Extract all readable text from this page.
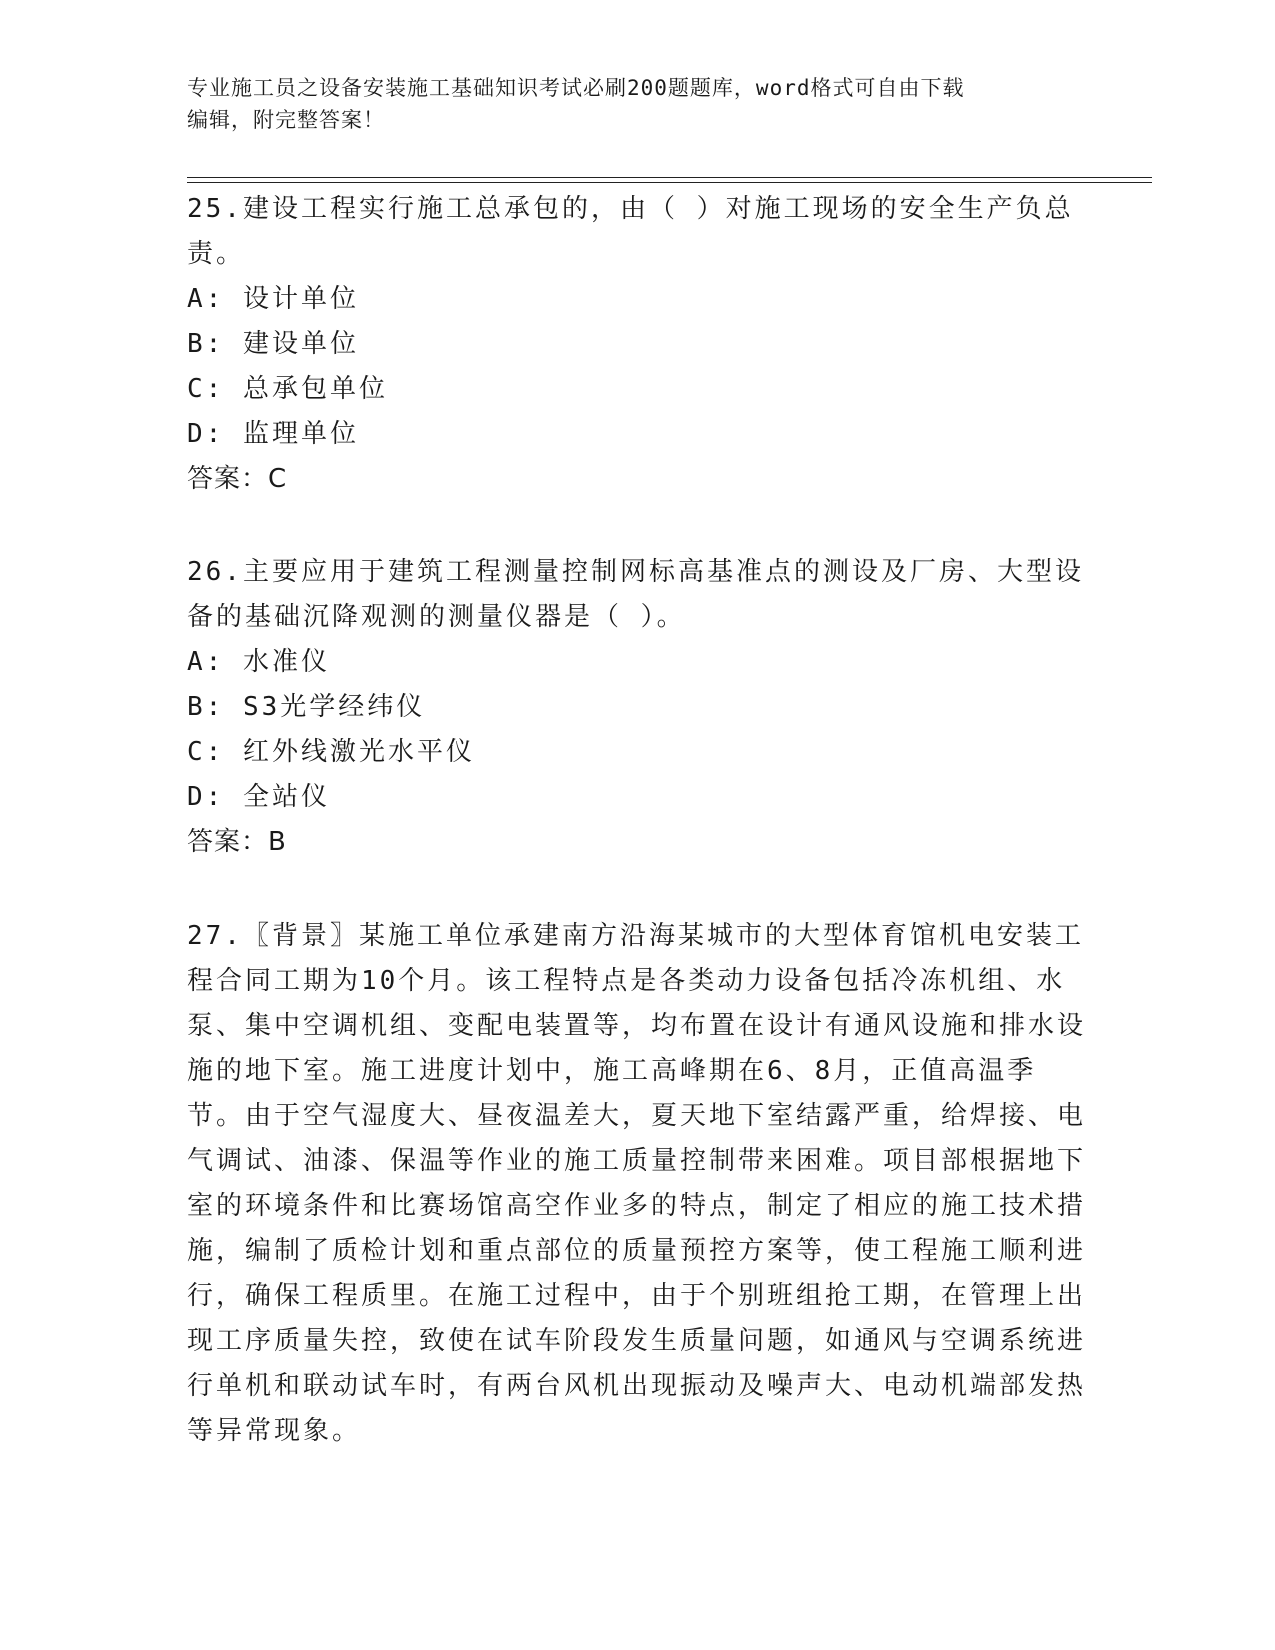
专业施工员之设备安装施工基础知识考试必刷200题题库，word格式可自由下载
编辑，附完整答案！
25.建设工程实行施工总承包的，由（ ）对施工现场的安全生产负总责。
A: 设计单位
B: 建设单位
C: 总承包单位
D: 监理单位
答案：C
26.主要应用于建筑工程测量控制网标高基准点的测设及厂房、大型设备的基础沉降观测的测量仪器是（ ）。
A: 水准仪
B: S3光学经纬仪
C: 红外线激光水平仪
D: 全站仪
答案：B
27.〖背景〗某施工单位承建南方沿海某城市的大型体育馆机电安装工程合同工期为10个月。该工程特点是各类动力设备包括冷冻机组、水泵、集中空调机组、变配电装置等，均布置在设计有通风设施和排水设施的地下室。施工进度计划中，施工高峰期在6、8月，正值高温季节。由于空气湿度大、昼夜温差大，夏天地下室结露严重，给焊接、电气调试、油漆、保温等作业的施工质量控制带来困难。项目部根据地下室的环境条件和比赛场馆高空作业多的特点，制定了相应的施工技术措施，编制了质检计划和重点部位的质量预控方案等，使工程施工顺利进行，确保工程质里。在施工过程中，由于个别班组抢工期，在管理上出现工序质量失控，致使在试车阶段发生质量问题，如通风与空调系统进行单机和联动试车时，有两台风机出现振动及噪声大、电动机端部发热等异常现象。
